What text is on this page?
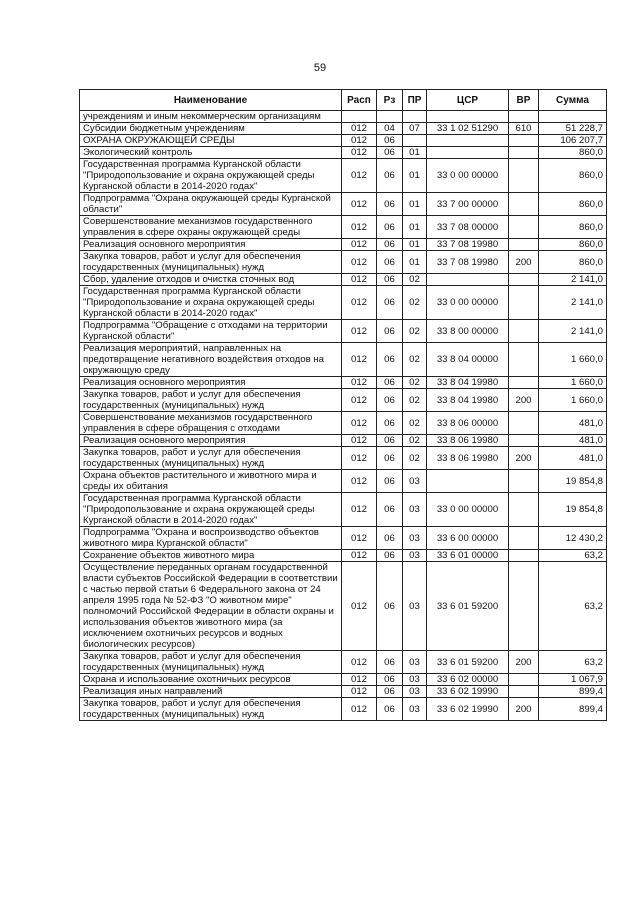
59
Наименование	Расп	Рз	ПР	ЦСР	ВР	Сумма
учреждениям и иным некоммерческим организациям						
Субсидии бюджетным учреждениям	012	04	07	33 1 02 51290	610	51 228,7
ОХРАНА ОКРУЖАЮЩЕЙ СРЕДЫ	012	06				106 207,7
Экологический контроль	012	06	01			860,0
Государственная программа Курганской области "Природопользование и охрана окружающей среды Курганской области в 2014-2020 годах"	012	06	01	33 0 00 00000		860,0
Подпрограмма "Охрана окружающей среды Курганской области"	012	06	01	33 7 00 00000		860,0
Совершенствование механизмов государственного управления в сфере охраны окружающей среды	012	06	01	33 7 08 00000		860,0
Реализация основного мероприятия	012	06	01	33 7 08 19980		860,0
Закупка товаров, работ и услуг для обеспечения государственных (муниципальных) нужд	012	06	01	33 7 08 19980	200	860,0
Сбор, удаление отходов и очистка сточных вод	012	06	02			2 141,0
Государственная программа Курганской области "Природопользование и охрана окружающей среды Курганской области в 2014-2020 годах"	012	06	02	33 0 00 00000		2 141,0
Подпрограмма "Обращение с отходами на территории Курганской области"	012	06	02	33 8 00 00000		2 141,0
Реализация мероприятий, направленных на предотвращение негативного воздействия отходов на окружающую среду	012	06	02	33 8 04 00000		1 660,0
Реализация основного мероприятия	012	06	02	33 8 04 19980		1 660,0
Закупка товаров, работ и услуг для обеспечения государственных (муниципальных) нужд	012	06	02	33 8 04 19980	200	1 660,0
Совершенствование механизмов государственного управления в сфере обращения с отходами	012	06	02	33 8 06 00000		481,0
Реализация основного мероприятия	012	06	02	33 8 06 19980		481,0
Закупка товаров, работ и услуг для обеспечения государственных (муниципальных) нужд	012	06	02	33 8 06 19980	200	481,0
Охрана объектов растительного и животного мира и среды их обитания	012	06	03			19 854,8
Государственная программа Курганской области "Природопользование и охрана окружающей среды Курганской области в 2014-2020 годах"	012	06	03	33 0 00 00000		19 854,8
Подпрограмма "Охрана и воспроизводство объектов животного мира Курганской области"	012	06	03	33 6 00 00000		12 430,2
Сохранение объектов животного мира	012	06	03	33 6 01 00000		63,2
Осуществление переданных органам государственной власти субъектов Российской Федерации в соответствии с частью первой статьи 6 Федерального закона от 24 апреля 1995 года № 52-ФЗ "О животном мире" полномочий Российской Федерации в области охраны и использования объектов животного мира (за исключением охотничьих ресурсов и водных биологических ресурсов)	012	06	03	33 6 01 59200		63,2
Закупка товаров, работ и услуг для обеспечения государственных (муниципальных) нужд	012	06	03	33 6 01 59200	200	63,2
Охрана и использование охотничьих ресурсов	012	06	03	33 6 02 00000		1 067,9
Реализация иных направлений	012	06	03	33 6 02 19990		899,4
Закупка товаров, работ и услуг для обеспечения государственных (муниципальных) нужд	012	06	03	33 6 02 19990	200	899,4
